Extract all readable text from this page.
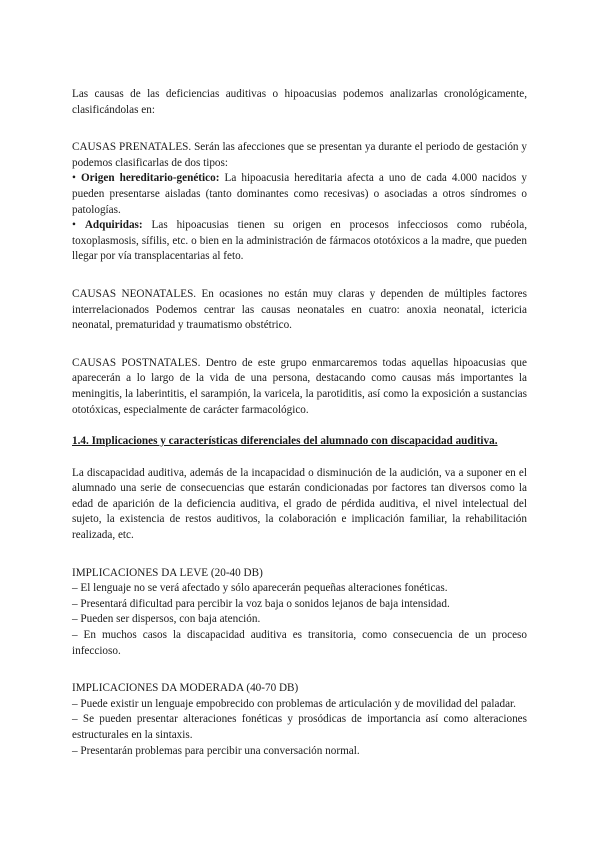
Las causas de las deficiencias auditivas o hipoacusias podemos analizarlas cronológicamente, clasificándolas en:

CAUSAS PRENATALES. Serán las afecciones que se presentan ya durante el periodo de gestación y podemos clasificarlas de dos tipos:

• Origen hereditario-genético: La hipoacusia hereditaria afecta a uno de cada 4.000 nacidos y pueden presentarse aisladas (tanto dominantes como recesivas) o asociadas a otros síndromes o patologías.

• Adquiridas: Las hipoacusias tienen su origen en procesos infecciosos como rubéola, toxoplasmosis, sífilis, etc. o bien en la administración de fármacos ototóxicos a la madre, que pueden llegar por vía transplacentarias al feto.

CAUSAS NEONATALES. En ocasiones no están muy claras y dependen de múltiples factores interrelacionados Podemos centrar las causas neonatales en cuatro: anoxia neonatal, ictericia neonatal, prematuridad y traumatismo obstétrico.

CAUSAS POSTNATALES. Dentro de este grupo enmarcaremos todas aquellas hipoacusias que aparecerán a lo largo de la vida de una persona, destacando como causas más importantes la meningitis, la laberintitis, el sarampión, la varicela, la parotiditis, así como la exposición a sustancias ototóxicas, especialmente de carácter farmacológico.

1.4. Implicaciones y características diferenciales del alumnado con discapacidad auditiva.

La discapacidad auditiva, además de la incapacidad o disminución de la audición, va a suponer en el alumnado una serie de consecuencias que estarán condicionadas por factores tan diversos como la edad de aparición de la deficiencia auditiva, el grado de pérdida auditiva, el nivel intelectual del sujeto, la existencia de restos auditivos, la colaboración e implicación familiar, la rehabilitación realizada, etc.

IMPLICACIONES DA LEVE (20-40 DB)

– El lenguaje no se verá afectado y sólo aparecerán pequeñas alteraciones fonéticas.

– Presentará dificultad para percibir la voz baja o sonidos lejanos de baja intensidad.

– Pueden ser dispersos, con baja atención.

– En muchos casos la discapacidad auditiva es transitoria, como consecuencia de un proceso infeccioso.

IMPLICACIONES DA MODERADA (40-70 DB)

– Puede existir un lenguaje empobrecido con problemas de articulación y de movilidad del paladar.

– Se pueden presentar alteraciones fonéticas y prosódicas de importancia así como alteraciones estructurales en la sintaxis.

– Presentarán problemas para percibir una conversación normal.
